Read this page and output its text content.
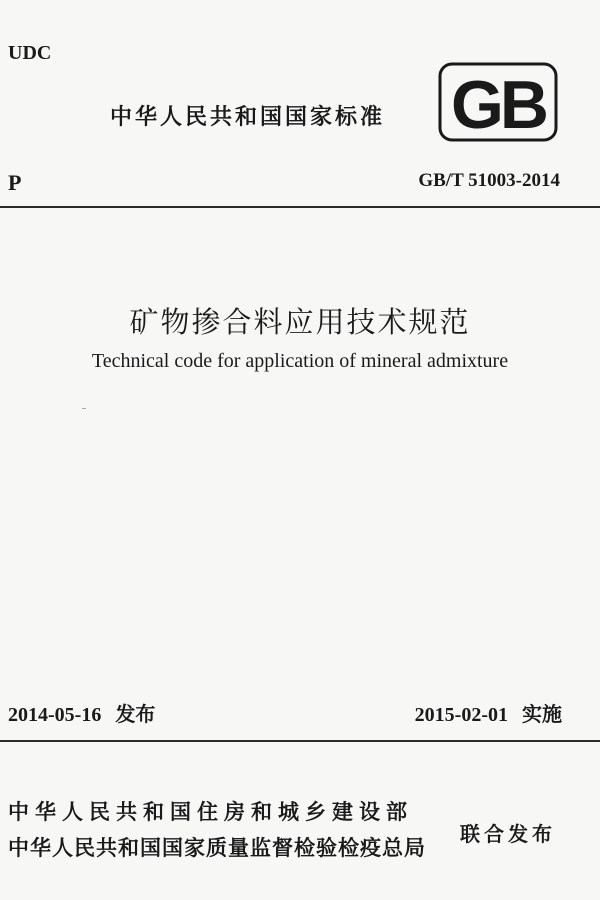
UDC
中华人民共和国国家标准 GB
P	GB/T 51003-2014
矿物掺合料应用技术规范
Technical code for application of mineral admixture
2014-05-16 发布	2015-02-01 实施
中华人民共和国住房和城乡建设部
中华人民共和国国家质量监督检验检疫总局
联合发布
